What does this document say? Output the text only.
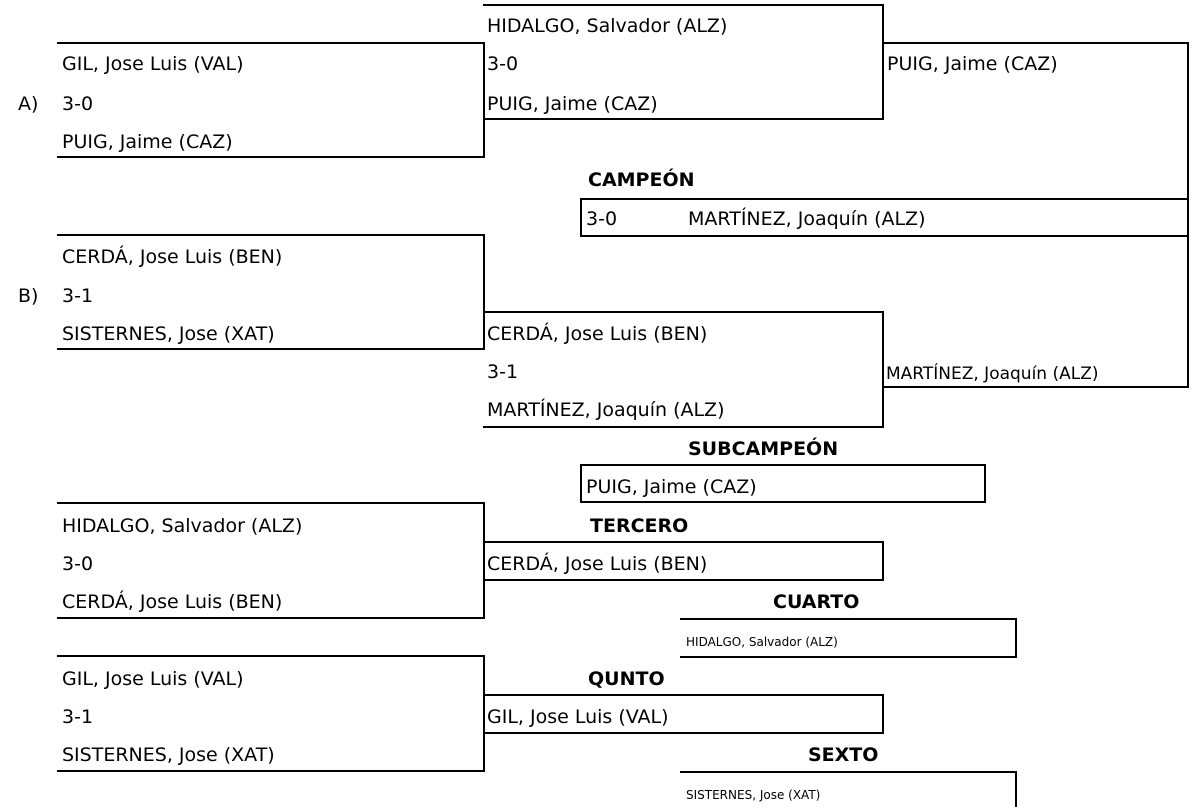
A)
GIL, Jose Luis (VAL)
3-0
PUIG, Jaime (CAZ)
HIDALGO, Salvador (ALZ)
3-0
PUIG, Jaime (CAZ)
PUIG, Jaime (CAZ)
CAMPEÓN
3-0	MARTÍNEZ, Joaquín (ALZ)
B)
CERDÁ, Jose Luis (BEN)
3-1
SISTERNES, Jose (XAT)	CERDÁ, Jose Luis (BEN)
3-1
MARTÍNEZ, Joaquín (ALZ)
MARTÍNEZ, Joaquín (ALZ)
SUBCAMPEÓN
PUIG, Jaime (CAZ)
HIDALGO, Salvador (ALZ)
3-0
CERDÁ, Jose Luis (BEN)
TERCERO
CERDÁ, Jose Luis (BEN)
CUARTO
HIDALGO, Salvador (ALZ)
GIL, Jose Luis (VAL)
3-1
SISTERNES, Jose (XAT)
QUNTO
GIL, Jose Luis (VAL)
SEXTO
SISTERNES, Jose (XAT)
